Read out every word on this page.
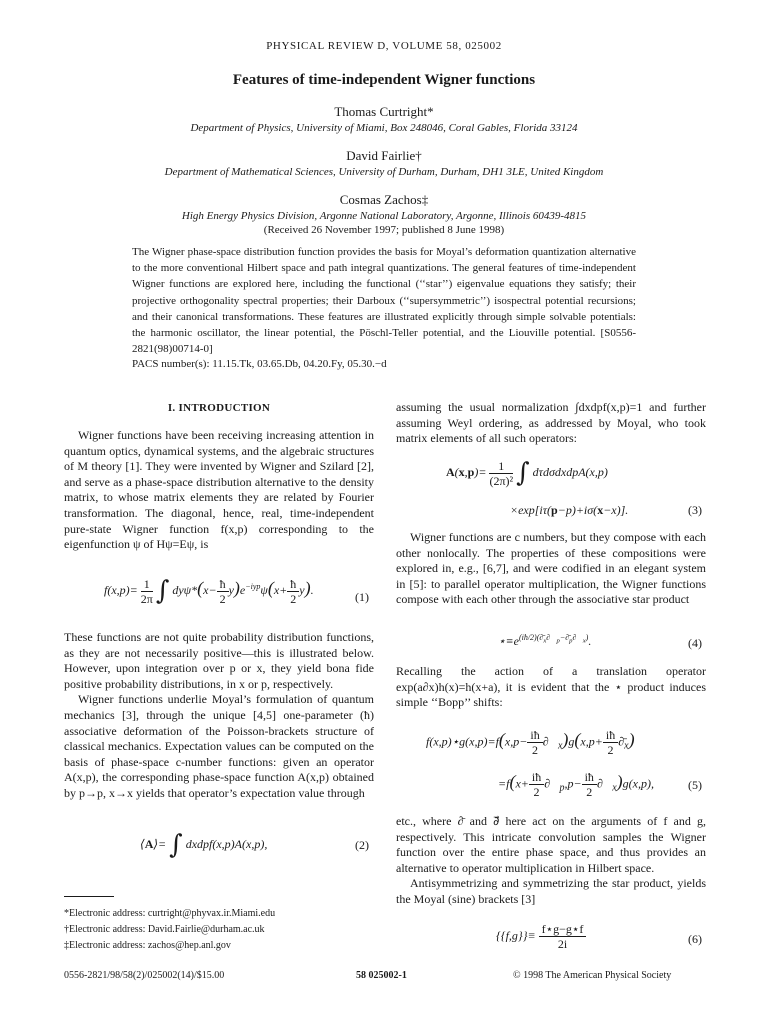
PHYSICAL REVIEW D, VOLUME 58, 025002
Features of time-independent Wigner functions
Thomas Curtright*
Department of Physics, University of Miami, Box 248046, Coral Gables, Florida 33124
David Fairlie†
Department of Mathematical Sciences, University of Durham, Durham, DH1 3LE, United Kingdom
Cosmas Zachos‡
High Energy Physics Division, Argonne National Laboratory, Argonne, Illinois 60439-4815
(Received 26 November 1997; published 8 June 1998)
The Wigner phase-space distribution function provides the basis for Moyal’s deformation quantization alternative to the more conventional Hilbert space and path integral quantizations. The general features of time-independent Wigner functions are explored here, including the functional (‘‘star’’) eigenvalue equations they satisfy; their projective orthogonality spectral properties; their Darboux (‘‘supersymmetric’’) isospectral potential recursions; and their canonical transformations. These features are illustrated explicitly through simple solvable potentials: the harmonic oscillator, the linear potential, the Pöschl-Teller potential, and the Liouville potential. [S0556-2821(98)00714-0]
PACS number(s): 11.15.Tk, 03.65.Db, 04.20.Fy, 05.30.−d
I. INTRODUCTION

Wigner functions have been receiving increasing attention in quantum optics, dynamical systems, and the algebraic structures of M theory [1]. They were invented by Wigner and Szilard [2], and serve as a phase-space distribution alternative to the density matrix, to whose matrix elements they are related by Fourier transformation. The diagonal, hence, real, time-independent pure-state Wigner function f(x,p) corresponding to the eigenfunction ψ of Hψ=Eψ, is

$f(x,p)= \frac{1}{2\pi}$ ∫ $dy\psi*(x- \frac{ħ}{2} y)e^{-iyp}\psi(x+ \frac{ħ}{2} y)$.
(1)

These functions are not quite probability distribution functions, as they are not necessarily positive—this is illustrated below. However, upon integration over p or x, they yield bona fide positive probability distributions, in x or p, respectively.

Wigner functions underlie Moyal’s formulation of quantum mechanics [3], through the unique [4,5] one-parameter (ħ) associative deformation of the Poisson-brackets structure of classical mechanics. Expectation values can be computed on the basis of phase-space c-number functions: given an operator A(x,p), the corresponding phase-space function A(x,p) obtained by p→p, x→x yields that operator’s expectation value through

⟨A⟩= ∫ dxdpf(x,p)A(x,p),	(2)
*Electronic address: curtright@phyvax.ir.Miami.edu
†Electronic address: David.Fairlie@durham.ac.uk
‡Electronic address: zachos@hep.anl.gov

assuming the usual normalization ∫dxdpf(x,p)=1 and further assuming Weyl ordering, as addressed by Moyal, who took matrix elements of all such operators:

$A(x,p)= \frac{1}{\text{(2π)²}}$ ∫ dτdσdxdpA(x,p)
×exp[iτ(p−p)+iσ(x−x)].	(3)

Wigner functions are c numbers, but they compose with each other nonlocally. The properties of these compositions were explored in, e.g., [6,7], and were codified in an elegant system in [5]: to parallel operator multiplication, the Wigner functions compose with each other through the associative star product

$⋆\equiv e^{(iħ/2)(\partial̄_x\partial⃗_p-\partial̄_p\partial⃗_x)}$.	(4)

Recalling the action of a translation operator exp(a∂x)h(x)=h(x+a), it is evident that the ⋆ product induces simple ‘‘Bopp’’ shifts:

f(x,p)⋆g(x,p)=f(x,p− $\frac{iħ}{2}$ $\partial⃗_x)g(x,p+ \frac{iħ}{2}$ $\partial̄_x$)
$=f(x+ \frac{iħ}{2}$ $\partial⃗_p,p- \frac{iħ}{2}$ $\partial⃗_x)g(x,p)$,	(5)

etc., where ∂̄ and ∂⃗ here act on the arguments of f and g, respectively. This intricate convolution samples the Wigner function over the entire phase space, and thus provides an alternative to operator multiplication in Hilbert space.

Antisymmetrizing and symmetrizing the star product, yields the Moyal (sine) brackets [3]

$\{\{f,g\}\}\equiv \frac{f⋆g-g⋆f}{2i}$	(6)
0556-2821/98/58(2)/025002(14)/$15.00	58 025002-1	© 1998 The American Physical Society
